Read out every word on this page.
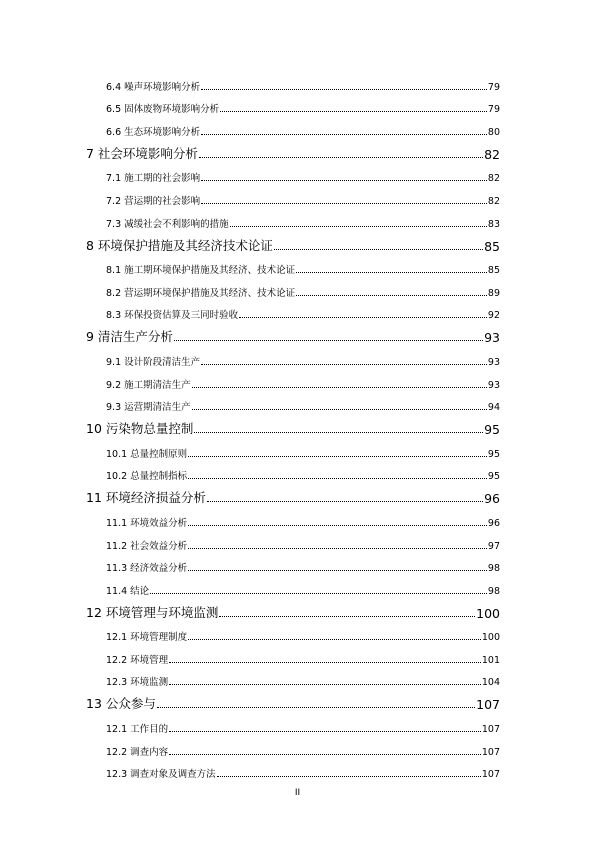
6.4 噪声环境影响分析	79
6.5 固体废物环境影响分析	79
6.6 生态环境影响分析	80
7 社会环境影响分析	82
7.1 施工期的社会影响	82
7.2 营运期的社会影响	82
7.3 减缓社会不利影响的措施	83
8 环境保护措施及其经济技术论证	85
8.1 施工期环境保护措施及其经济、技术论证	85
8.2 营运期环境保护措施及其经济、技术论证	89
8.3 环保投资估算及三同时验收	92
9 清洁生产分析	93
9.1 设计阶段清洁生产	93
9.2 施工期清洁生产	93
9.3 运营期清洁生产	94
10 污染物总量控制	95
10.1 总量控制原则	95
10.2 总量控制指标	95
11 环境经济损益分析	96
11.1 环境效益分析	96
11.2 社会效益分析	97
11.3 经济效益分析	98
11.4 结论	98
12 环境管理与环境监测	100
12.1 环境管理制度	100
12.2 环境管理	101
12.3 环境监测	104
13 公众参与	107
12.1 工作目的	107
12.2 调查内容	107
12.3 调查对象及调查方法	107
II
